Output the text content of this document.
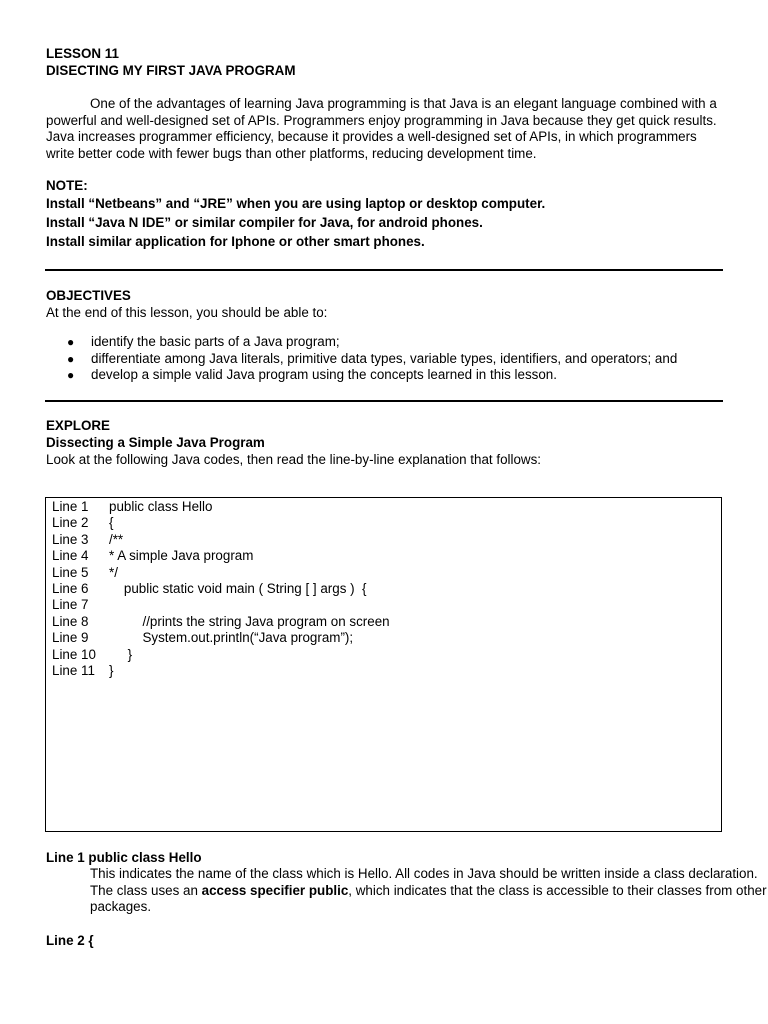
LESSON 11
DISECTING MY FIRST JAVA PROGRAM

One of the advantages of learning Java programming is that Java is an elegant language combined with a powerful and well-designed set of APIs. Programmers enjoy programming in Java because they get quick results. Java increases programmer efficiency, because it provides a well-designed set of APIs, in which programmers write better code with fewer bugs than other platforms, reducing development time.

NOTE:
Install “Netbeans” and “JRE” when you are using laptop or desktop computer.
Install “Java N IDE” or similar compiler for Java, for android phones.
Install similar application for Iphone or other smart phones.
OBJECTIVES
At the end of this lesson, you should be able to:
● identify the basic parts of a Java program;
● differentiate among Java literals, primitive data types, variable types, identifiers, and operators; and
● develop a simple valid Java program using the concepts learned in this lesson.
EXPLORE
Dissecting a Simple Java Program
Look at the following Java codes, then read the line-by-line explanation that follows:
Line 1 public class Hello
Line 2 {
Line 3 /**
Line 4 * A simple Java program
Line 5 */
Line 6    public static void main ( String [ ] args )  {
Line 7
Line 8         //prints the string Java program on screen
Line 9         System.out.println(“Java program”);
Line 10     }
Line 11 }
Line 1 public class Hello

This indicates the name of the class which is Hello. All codes in Java should be written inside a class declaration. The class uses an access specifier public, which indicates that the class is accessible to their classes from other packages.

Line 2 {
